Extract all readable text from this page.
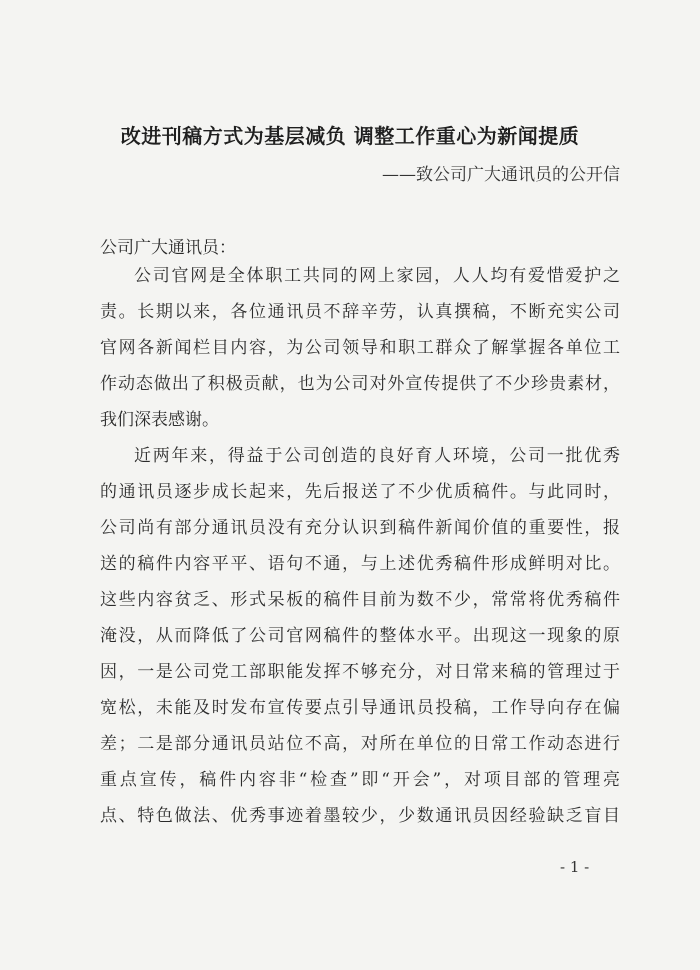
改进刊稿方式为基层减负 调整工作重心为新闻提质
——致公司广大通讯员的公开信
公司广大通讯员：
公司官网是全体职工共同的网上家园，人人均有爱惜爱护之
责。长期以来，各位通讯员不辞辛劳，认真撰稿，不断充实公司
官网各新闻栏目内容，为公司领导和职工群众了解掌握各单位工
作动态做出了积极贡献，也为公司对外宣传提供了不少珍贵素材，
我们深表感谢。
近两年来，得益于公司创造的良好育人环境，公司一批优秀
的通讯员逐步成长起来，先后报送了不少优质稿件。与此同时，
公司尚有部分通讯员没有充分认识到稿件新闻价值的重要性，报
送的稿件内容平平、语句不通，与上述优秀稿件形成鲜明对比。
这些内容贫乏、形式呆板的稿件目前为数不少，常常将优秀稿件
淹没，从而降低了公司官网稿件的整体水平。出现这一现象的原
因，一是公司党工部职能发挥不够充分，对日常来稿的管理过于
宽松，未能及时发布宣传要点引导通讯员投稿，工作导向存在偏
差；二是部分通讯员站位不高，对所在单位的日常工作动态进行
重点宣传，稿件内容非“检查”即“开会”，对项目部的管理亮
点、特色做法、优秀事迹着墨较少，少数通讯员因经验缺乏盲目
- 1 -
